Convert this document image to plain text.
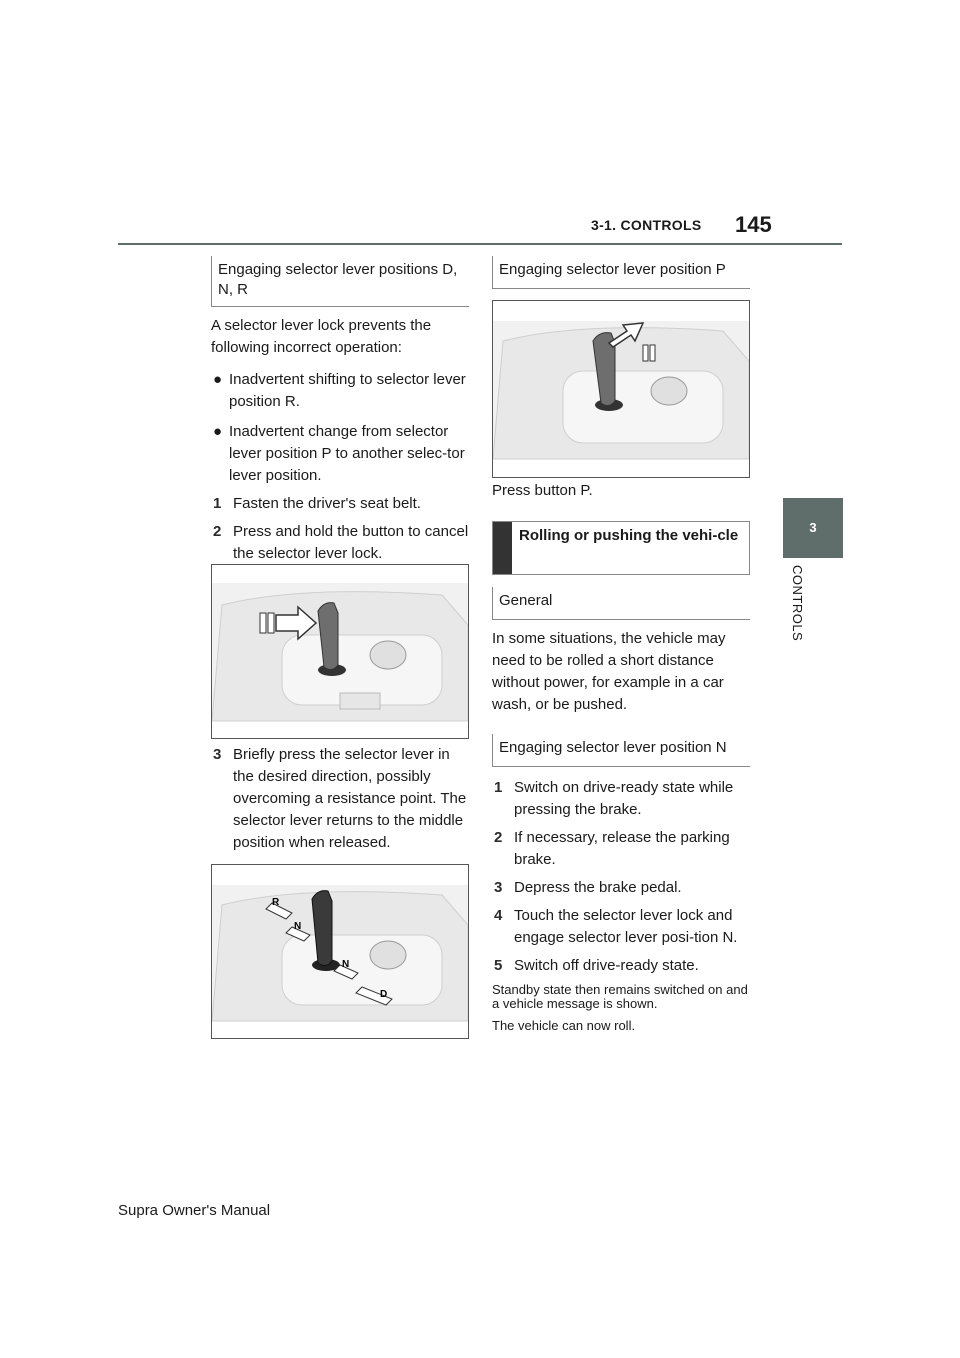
3-1. CONTROLS 145
3
CONTROLS
Engaging selector lever positions D, N, R
A selector lever lock prevents the following incorrect operation:
● Inadvertent shifting to selector lever position R.
● Inadvertent change from selector lever position P to another selec-tor lever position.
1 Fasten the driver's seat belt.
2 Press and hold the button to cancel the selector lever lock.
3 Briefly press the selector lever in the desired direction, possibly overcoming a resistance point. The selector lever returns to the middle position when released.
R
N
N
D
Engaging selector lever position P
Press button P.
Rolling or pushing the vehi-cle
General
In some situations, the vehicle may need to be rolled a short distance without power, for example in a car wash, or be pushed.
Engaging selector lever position N
1 Switch on drive-ready state while pressing the brake.
2 If necessary, release the parking brake.
3 Depress the brake pedal.
4 Touch the selector lever lock and engage selector lever posi-tion N.
5 Switch off drive-ready state.
Standby state then remains switched on and a vehicle message is shown.
The vehicle can now roll.
Supra Owner's Manual
